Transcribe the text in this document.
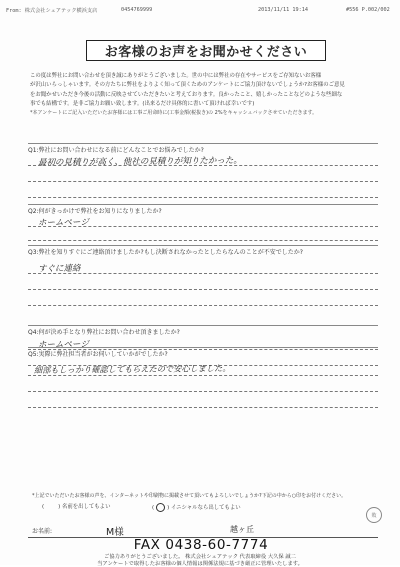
From: 株式会社シェアテック横浜支店	0454769999	2013/11/11 19:14	#556 P.002/002
お客様のお声をお聞かせください

この度は弊社にお問い合わせを頂き誠にありがとうございました。世の中には弊社の存在やサービスをご存知ないお客様

が沢山いらっしゃいます。その方たちに弊社をよりよく知って頂くためのアンケートにご協力頂けないでしょうか?お客様のご意見

をお聞かせいただき今後の活動に反映させていただきたいと考えております。良かったこと、嬉しかったことなどのような些細な

事でも結構です。是非ご協力お願い致します。(出来るだけ具体的に書いて頂ければ幸いです)

*本アンケートにご記入いただいたお客様には工事ご用命時に(工事金額(税抜き)の 2%をキャッシュバックさせていただきます。

Q1:弊社にお問い合わせになる前にどんなことでお悩みでしたか?
最初の見積りが高く、他社の見積りが知りたかった。
Q2:何がきっかけで弊社をお知りになりましたか?
ホームページ
Q3:弊社を知りすぐにご連絡頂けましたか?もし決断されなかったとしたらなんのことが不安でしたか?
すぐに連絡
Q4:何が決め手となり弊社にお問い合わせ頂きましたか?
ホームページ
Q5:実際に弊社担当者がお伺いしていかがでしたか?
細部もしっかり確認してもらえたので安心しました。
*上記でいただいたお客様の声を、インターネットや印刷物に掲載させて頂いてもよろしいでしょうか?下記の中から○印をお付けください。
(	) 名前を出してもよい	( ) イニシャルなら出してもよい
敗
お名前:	M様	越ヶ丘
FAX 0438-60-7774
ご協力ありがとうございました。 株式会社シェアテック 代表取締役 大久保 誠二
当アンケートで取得したお客様の個人情報は関係法規に基づき厳正に管理いたします。
